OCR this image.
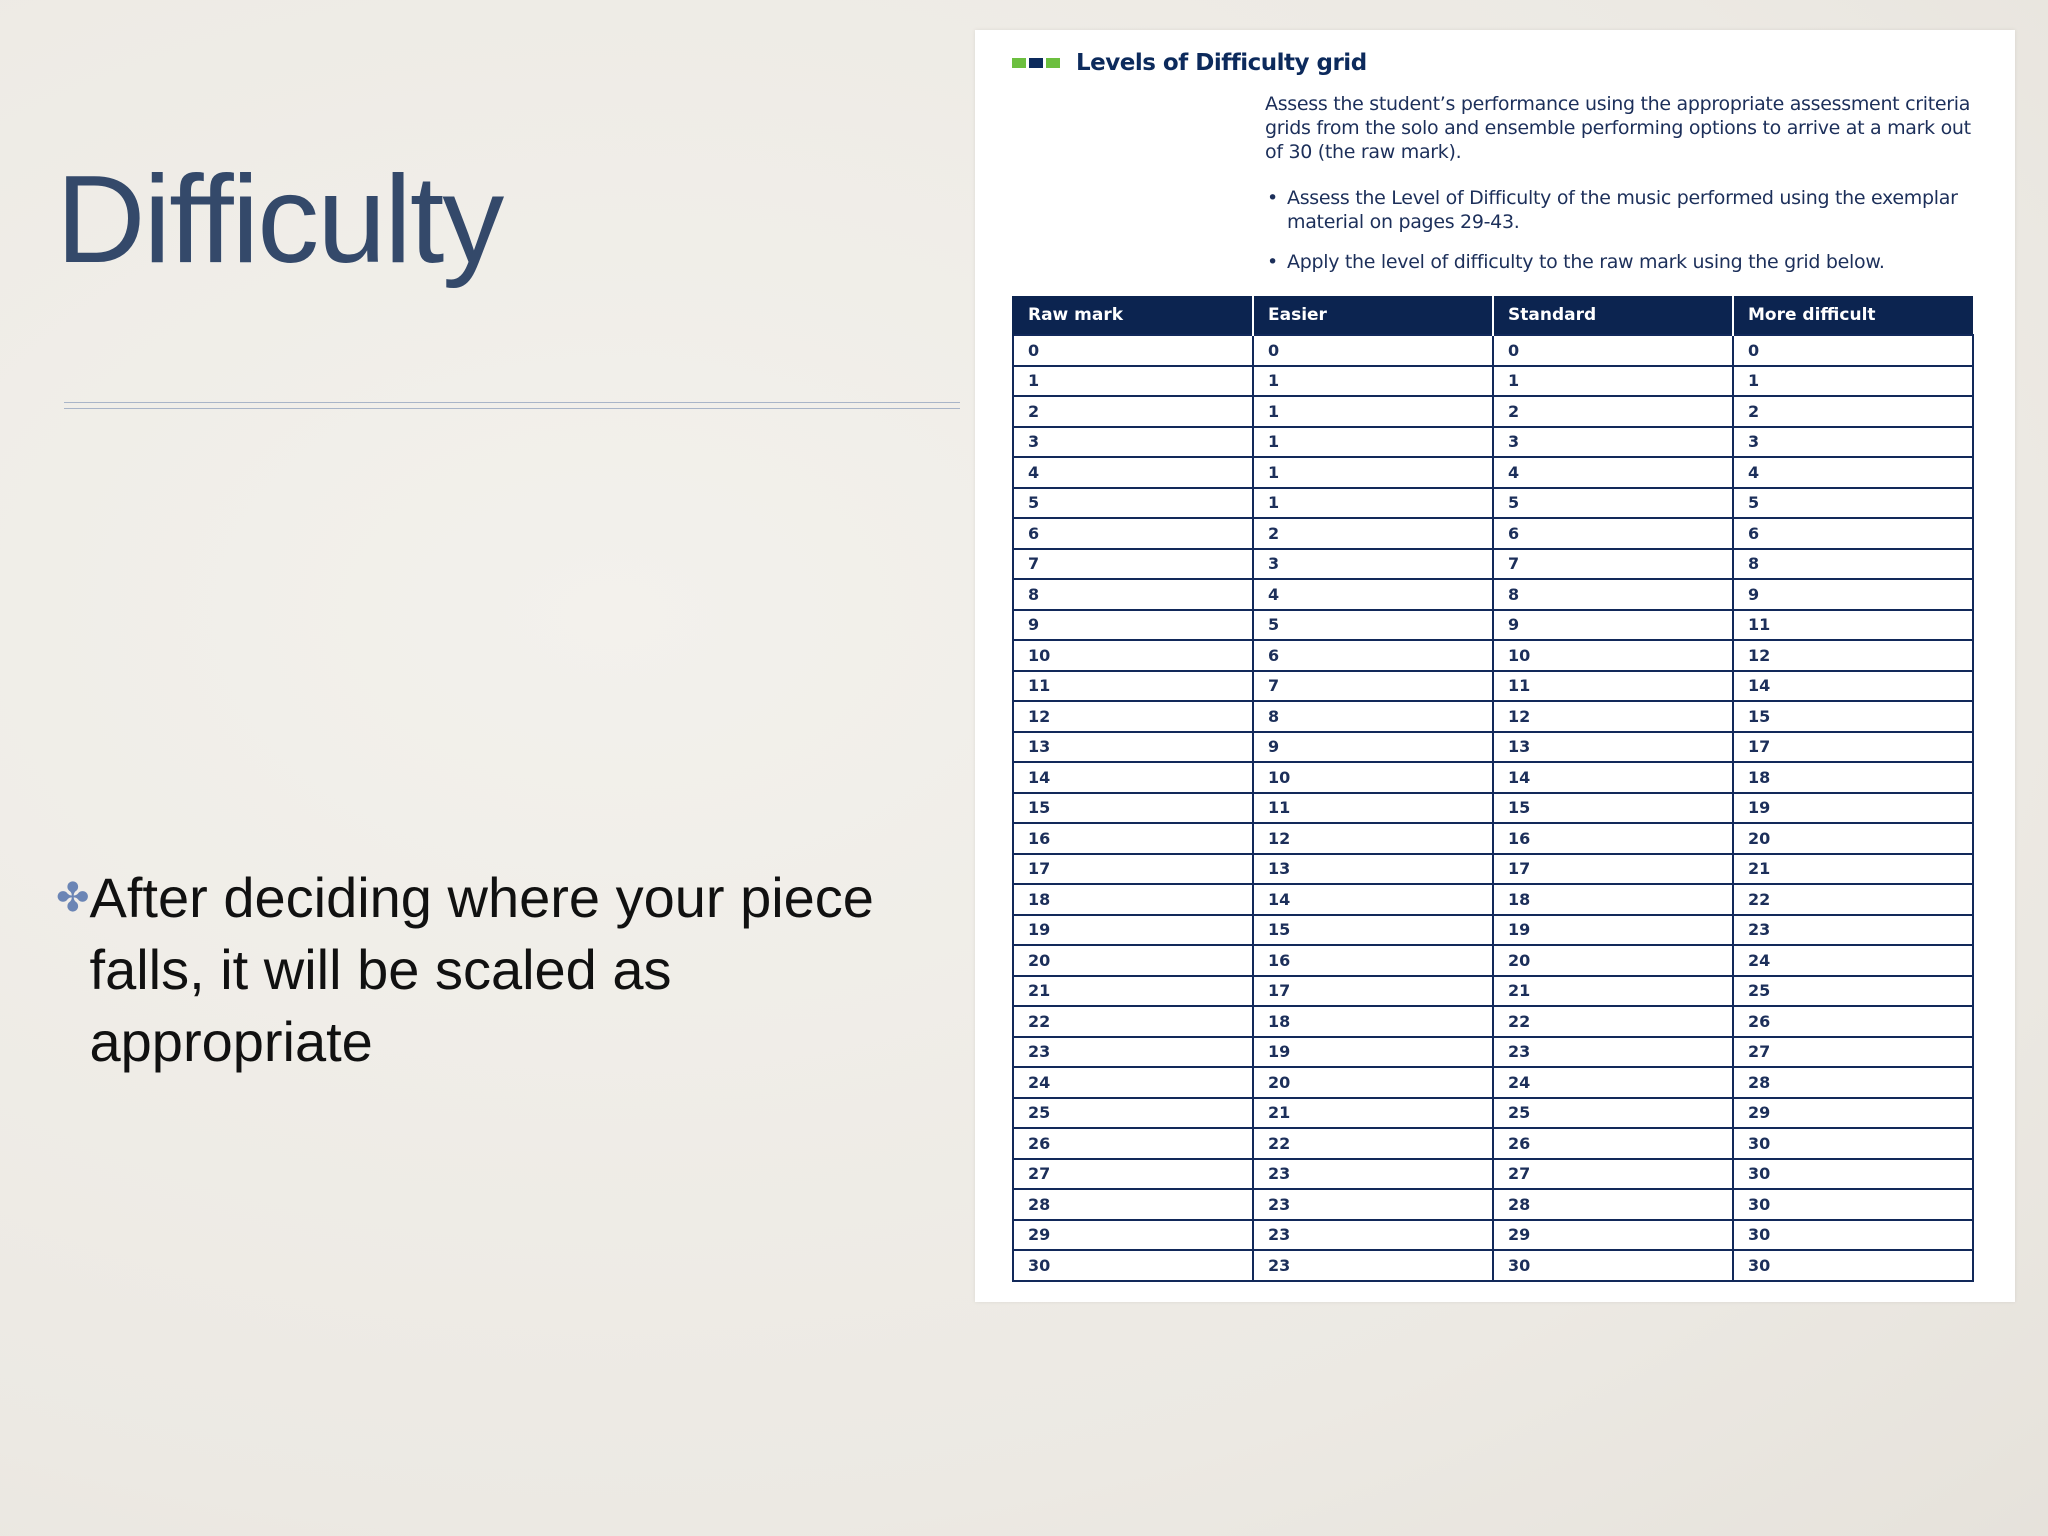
Difficulty
✤ After deciding where your piece falls, it will be scaled as appropriate
Levels of Difficulty grid
Assess the student’s performance using the appropriate assessment criteria grids from the solo and ensemble performing options to arrive at a mark out of 30 (the raw mark).
• Assess the Level of Difficulty of the music performed using the exemplar material on pages 29-43.
• Apply the level of difficulty to the raw mark using the grid below.
Raw mark	Easier	Standard	More difficult
0	0	0	0
1	1	1	1
2	1	2	2
3	1	3	3
4	1	4	4
5	1	5	5
6	2	6	6
7	3	7	8
8	4	8	9
9	5	9	11
10	6	10	12
11	7	11	14
12	8	12	15
13	9	13	17
14	10	14	18
15	11	15	19
16	12	16	20
17	13	17	21
18	14	18	22
19	15	19	23
20	16	20	24
21	17	21	25
22	18	22	26
23	19	23	27
24	20	24	28
25	21	25	29
26	22	26	30
27	23	27	30
28	23	28	30
29	23	29	30
30	23	30	30
